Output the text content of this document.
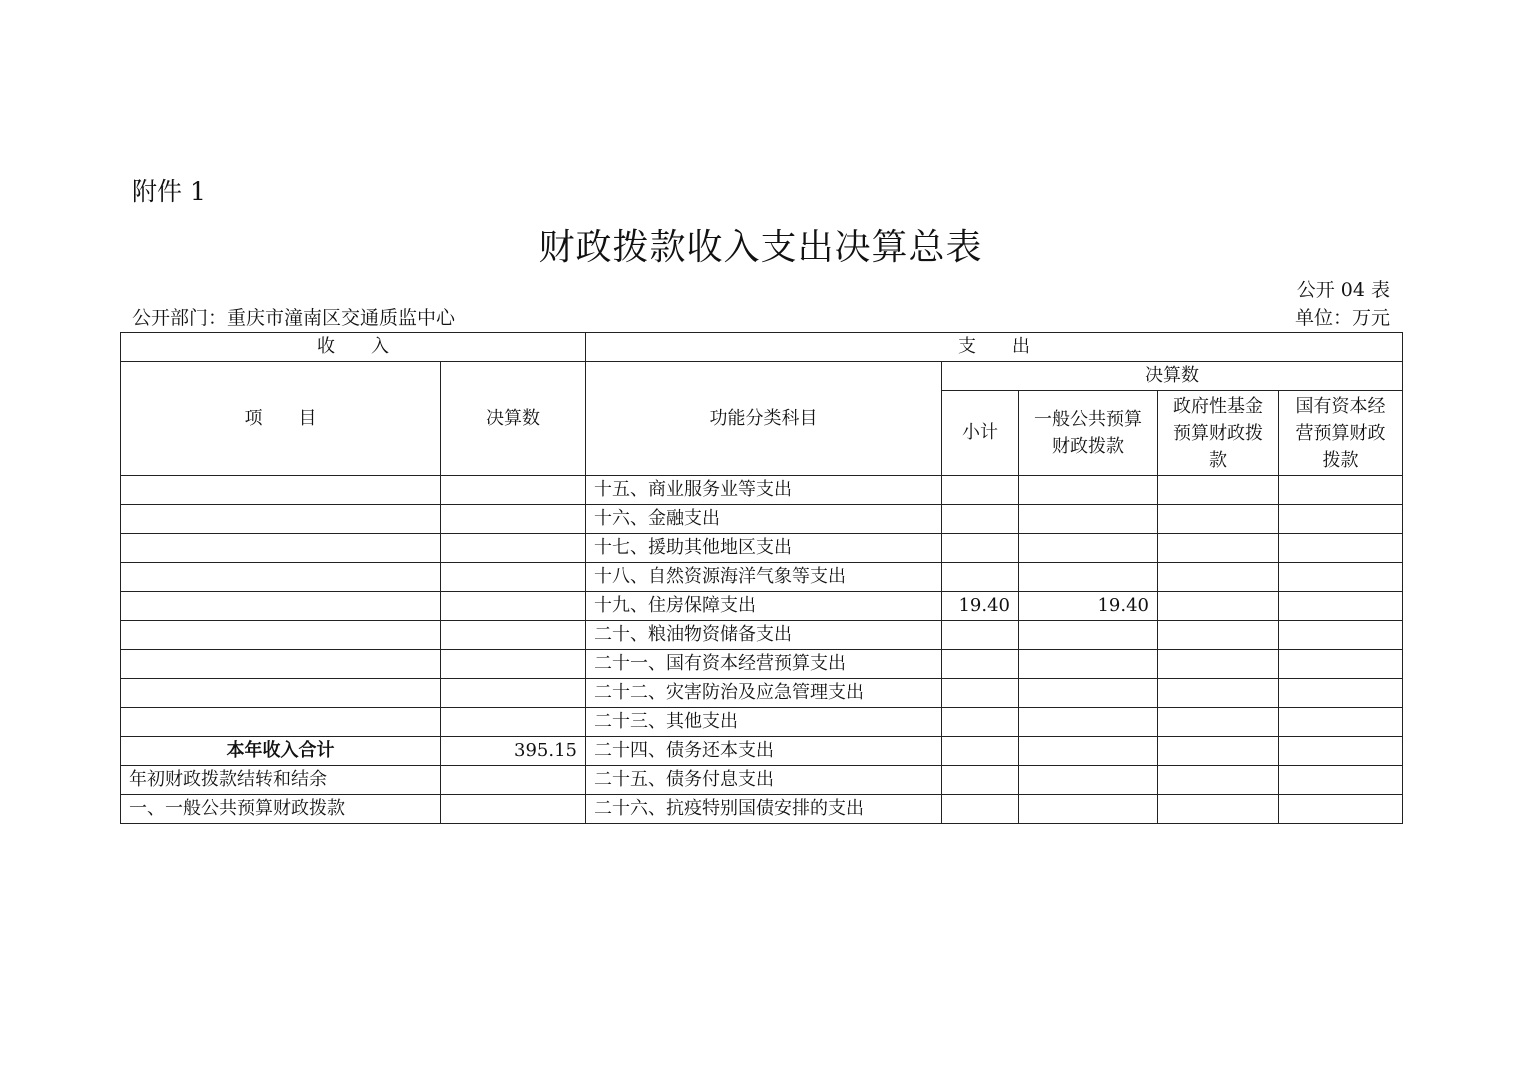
附件 1
财政拨款收入支出决算总表
公开 04 表
公开部门：重庆市潼南区交通质监中心	单位：万元
收　　入		支　　出				
项　　目	决算数	功能分类科目	决算数			
			小计	一般公共预算财政拨款	政府性基金预算财政拨款	国有资本经营预算财政拨款
		十五、商业服务业等支出				
		十六、金融支出				
		十七、援助其他地区支出				
		十八、自然资源海洋气象等支出				
		十九、住房保障支出	19.40	19.40		
		二十、粮油物资储备支出				
		二十一、国有资本经营预算支出				
		二十二、灾害防治及应急管理支出				
		二十三、其他支出				
本年收入合计	395.15	二十四、债务还本支出				
年初财政拨款结转和结余		二十五、债务付息支出				
一、一般公共预算财政拨款		二十六、抗疫特别国债安排的支出				
